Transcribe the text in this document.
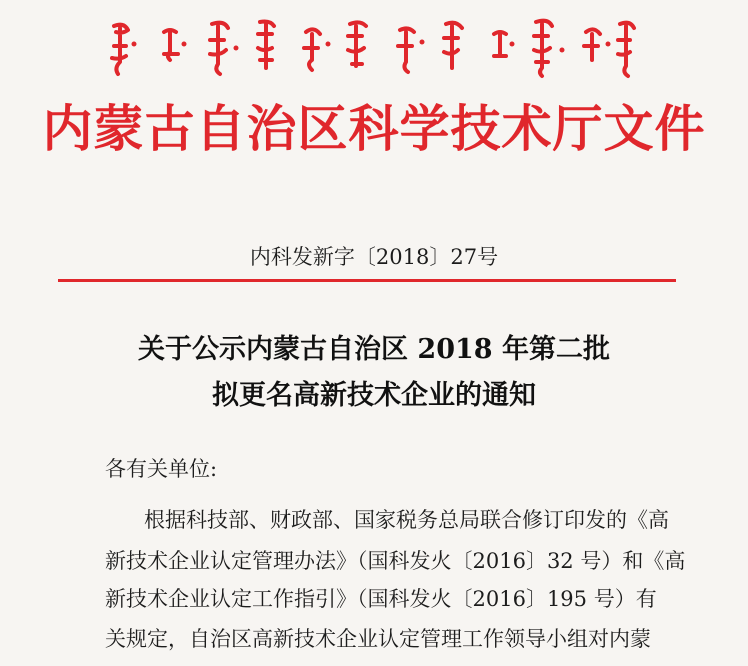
内蒙古自治区科学技术厅文件
内科发新字〔2018〕27号
关于公示内蒙古自治区 2018 年第二批
拟更名高新技术企业的通知
各有关单位:
根据科技部、财政部、国家税务总局联合修订印发的《高
新技术企业认定管理办法》（国科发火〔2016〕32 号）和《高
新技术企业认定工作指引》（国科发火〔2016〕195 号）有
关规定，自治区高新技术企业认定管理工作领导小组对内蒙
